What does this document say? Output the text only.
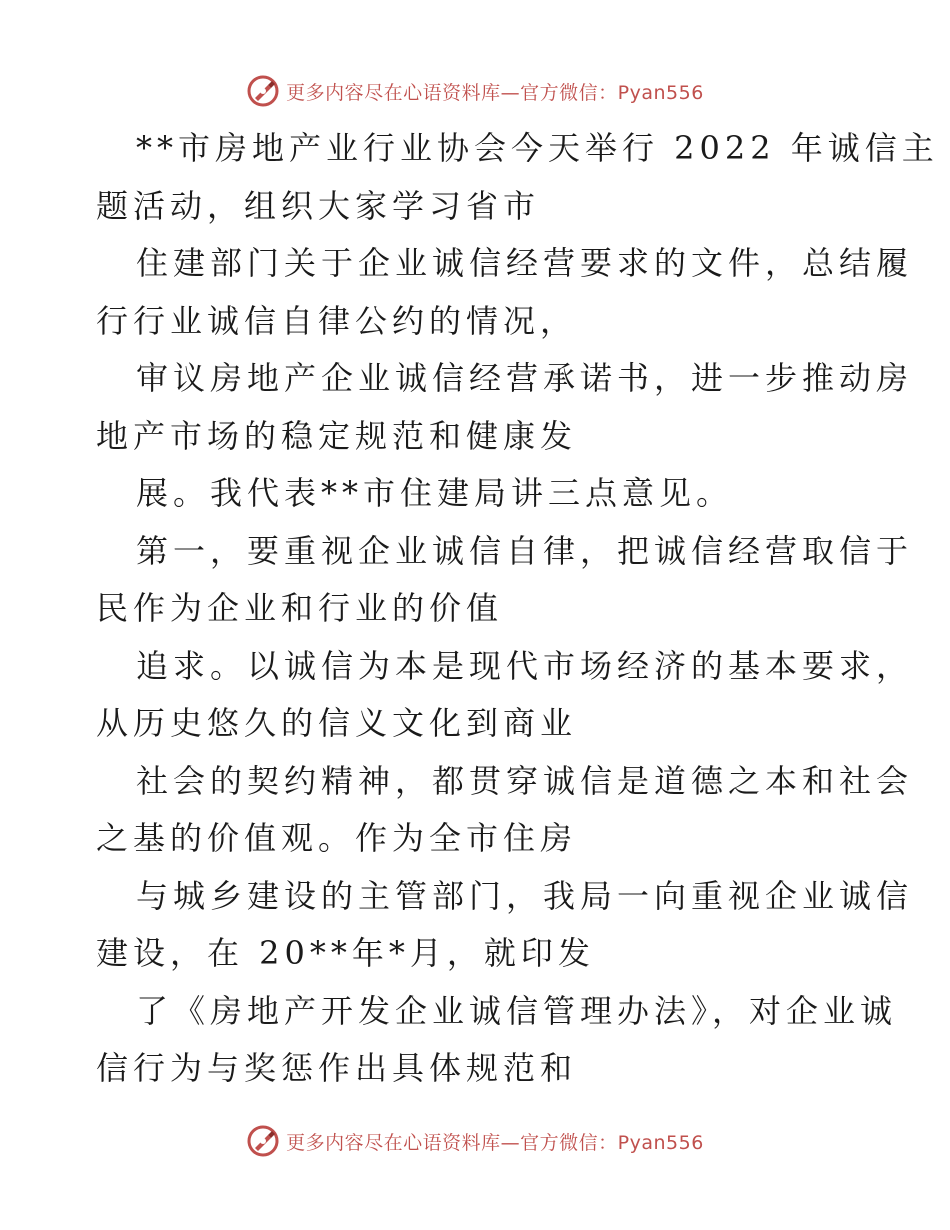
更多内容尽在心语资料库—官方微信：Pyan556
**市房地产业行业协会今天举行 2022 年诚信主
题活动，组织大家学习省市
住建部门关于企业诚信经营要求的文件，总结履
行行业诚信自律公约的情况，
审议房地产企业诚信经营承诺书，进一步推动房
地产市场的稳定规范和健康发
展。我代表**市住建局讲三点意见。
第一，要重视企业诚信自律，把诚信经营取信于
民作为企业和行业的价值
追求。以诚信为本是现代市场经济的基本要求，
从历史悠久的信义文化到商业
社会的契约精神，都贯穿诚信是道德之本和社会
之基的价值观。作为全市住房
与城乡建设的主管部门，我局一向重视企业诚信
建设，在 20**年*月，就印发
了《房地产开发企业诚信管理办法》，对企业诚
信行为与奖惩作出具体规范和
更多内容尽在心语资料库—官方微信：Pyan556
